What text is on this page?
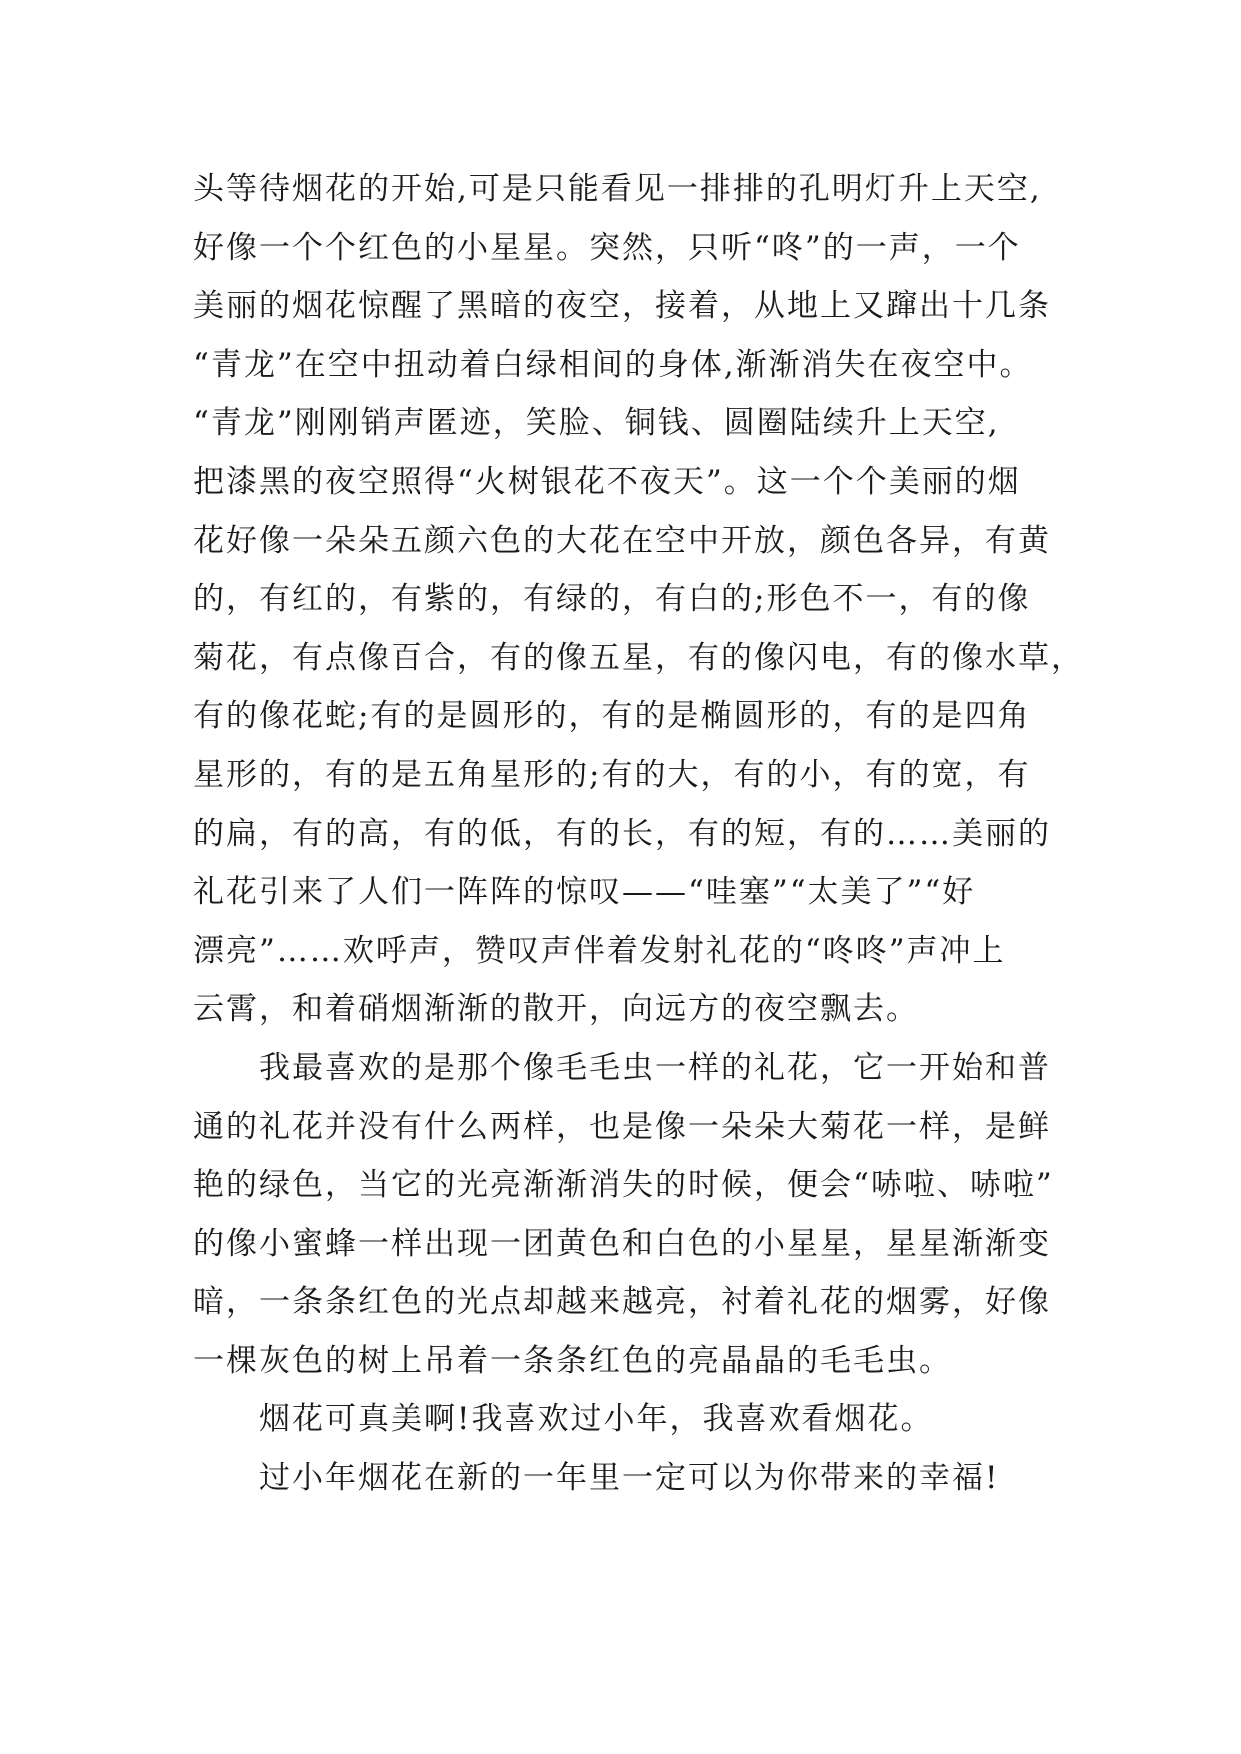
头等待烟花的开始,可是只能看见一排排的孔明灯升上天空,
好像一个个红色的小星星。突然，只听“咚”的一声，一个
美丽的烟花惊醒了黑暗的夜空，接着，从地上又蹿出十几条
“青龙”在空中扭动着白绿相间的身体,渐渐消失在夜空中。
“青龙”刚刚销声匿迹，笑脸、铜钱、圆圈陆续升上天空,
把漆黑的夜空照得“火树银花不夜天”。这一个个美丽的烟
花好像一朵朵五颜六色的大花在空中开放，颜色各异，有黄
的，有红的，有紫的，有绿的，有白的;形色不一，有的像
菊花，有点像百合，有的像五星，有的像闪电，有的像水草，
有的像花蛇;有的是圆形的，有的是椭圆形的，有的是四角
星形的，有的是五角星形的;有的大，有的小，有的宽，有
的扁，有的高，有的低，有的长，有的短，有的……美丽的
礼花引来了人们一阵阵的惊叹——“哇塞”“太美了”“好
漂亮”……欢呼声，赞叹声伴着发射礼花的“咚咚”声冲上
云霄，和着硝烟渐渐的散开，向远方的夜空飘去。
我最喜欢的是那个像毛毛虫一样的礼花，它一开始和普
通的礼花并没有什么两样，也是像一朵朵大菊花一样，是鲜
艳的绿色，当它的光亮渐渐消失的时候，便会“哧啦、哧啦”
的像小蜜蜂一样出现一团黄色和白色的小星星，星星渐渐变
暗，一条条红色的光点却越来越亮，衬着礼花的烟雾，好像
一棵灰色的树上吊着一条条红色的亮晶晶的毛毛虫。
烟花可真美啊!我喜欢过小年，我喜欢看烟花。
过小年烟花在新的一年里一定可以为你带来的幸福!
